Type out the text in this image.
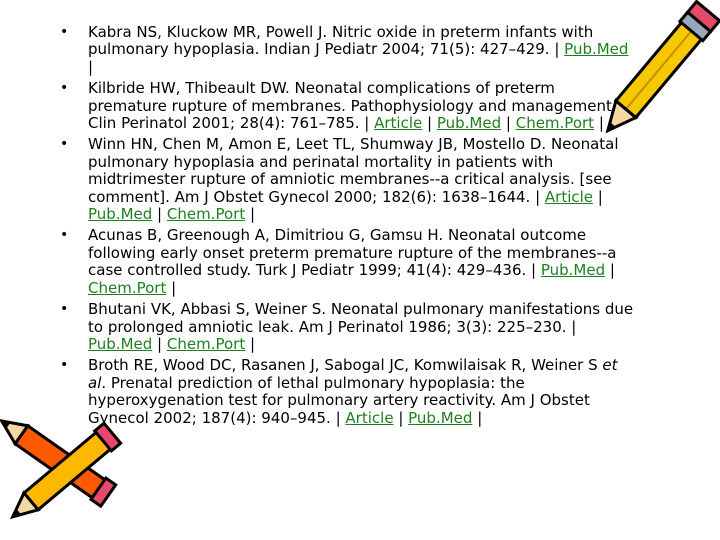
• Kabra NS, Kluckow MR, Powell J. Nitric oxide in preterm infants with pulmonary hypoplasia. Indian J Pediatr 2004; 71(5): 427–429. | Pub.Med |
• Kilbride HW, Thibeault DW. Neonatal complications of preterm premature rupture of membranes. Pathophysiology and management. Clin Perinatol 2001; 28(4): 761–785. | Article | Pub.Med | Chem.Port |
• Winn HN, Chen M, Amon E, Leet TL, Shumway JB, Mostello D. Neonatal pulmonary hypoplasia and perinatal mortality in patients with midtrimester rupture of amniotic membranes--a critical analysis. [see comment]. Am J Obstet Gynecol 2000; 182(6): 1638–1644. | Article | Pub.Med | Chem.Port |
• Acunas B, Greenough A, Dimitriou G, Gamsu H. Neonatal outcome following early onset preterm premature rupture of the membranes--a case controlled study. Turk J Pediatr 1999; 41(4): 429–436. | Pub.Med | Chem.Port |
• Bhutani VK, Abbasi S, Weiner S. Neonatal pulmonary manifestations due to prolonged amniotic leak. Am J Perinatol 1986; 3(3): 225–230. | Pub.Med | Chem.Port |
• Broth RE, Wood DC, Rasanen J, Sabogal JC, Komwilaisak R, Weiner S et al. Prenatal prediction of lethal pulmonary hypoplasia: the hyperoxygenation test for pulmonary artery reactivity. Am J Obstet Gynecol 2002; 187(4): 940–945. | Article | Pub.Med |
